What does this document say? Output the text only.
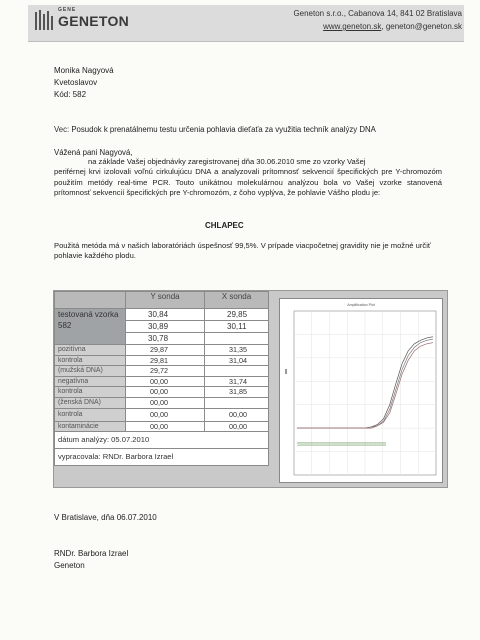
GENE
GENETON	Geneton s.r.o., Cabanova 14, 841 02 Bratislava
www.geneton.sk, geneton@geneton.sk
Monika Nagyová
Kvetoslavov
Kód: 582
Vec: Posudok k prenatálnemu testu určenia pohlavia dieťaťa za využitia techník analýzy DNA
Vážená pani Nagyová,
na základe Vašej objednávky zaregistrovanej dňa 30.06.2010 sme zo vzorky Vašej
periférnej krvi izolovali voľnú cirkulujúcu DNA a analyzovali prítomnosť sekvencií špecifických pre Y-chromozóm použitím metódy real-time PCR. Touto unikátnou molekulárnou analýzou bola vo Vašej vzorke stanovená prítomnosť sekvencií špecifických pre Y-chromozóm, z čoho vyplýva, že pohlavie Vášho plodu je:
CHLAPEC
Použitá metóda má v našich laboratóriách úspešnosť 99,5%. V prípade viacpočetnej gravidity nie je možné určiť pohlavie každého plodu.
	Y sonda	X sonda
testovaná vzorka 582	30,84	29,85
	30,89	30,11
	30,78	
pozitívna	29,87	31,35
kontrola	29,81	31,04
(mužská DNA)	29,72	
negatívna	00,00	31,74
kontrola	00,00	31,85
(ženská DNA)	00,00	
kontrola	00,00	00,00
kontaminácie	00,00	00,00
dátum analýzy: 05.07.2010		
vypracovala: RNDr. Barbora Izrael		
Amplification Plot
V Bratislave, dňa 06.07.2010
RNDr. Barbora Izrael
Geneton
